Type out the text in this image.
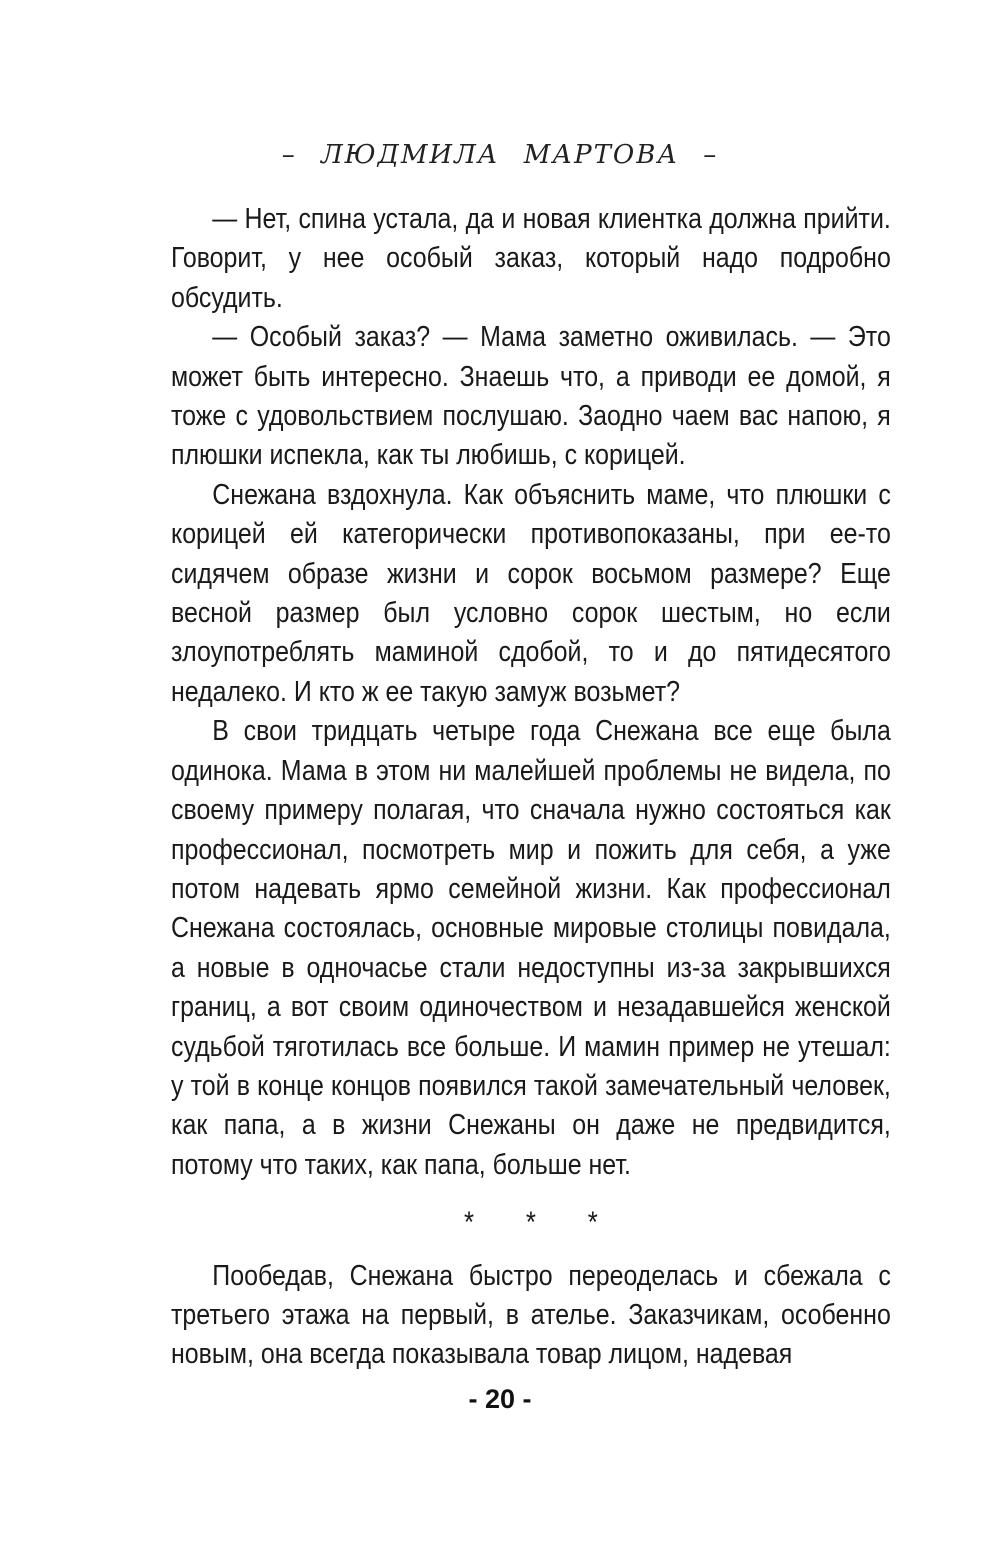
– ЛЮДМИЛА МАРТОВА –

— Нет, спина устала, да и новая клиентка должна прийти. Говорит, у нее особый заказ, который надо подробно обсудить.

— Особый заказ? — Мама заметно оживилась. — Это может быть интересно. Знаешь что, а приводи ее домой, я тоже с удовольствием послушаю. Заодно чаем вас напою, я плюшки испекла, как ты любишь, с корицей.

Снежана вздохнула. Как объяснить маме, что плюшки с корицей ей категорически противопоказаны, при ее-то сидячем образе жизни и сорок восьмом размере? Еще весной размер был условно сорок шестым, но если злоупотреблять маминой сдобой, то и до пятидесятого недалеко. И кто ж ее такую замуж возьмет?

В свои тридцать четыре года Снежана все еще была одинока. Мама в этом ни малейшей проблемы не видела, по своему примеру полагая, что сначала нужно состояться как профессионал, посмотреть мир и пожить для себя, а уже потом надевать ярмо семейной жизни. Как профессионал Снежана состоялась, основные мировые столицы повидала, а новые в одночасье стали недоступны из-за закрывшихся границ, а вот своим одиночеством и незадавшейся женской судьбой тяготилась все больше. И мамин пример не утешал: у той в конце концов появился такой замечательный человек, как папа, а в жизни Снежаны он даже не предвидится, потому что таких, как папа, больше нет.

* * *

Пообедав, Снежана быстро переоделась и сбежала с третьего этажа на первый, в ателье. Заказчикам, особенно новым, она всегда показывала товар лицом, надевая

- 20 -
